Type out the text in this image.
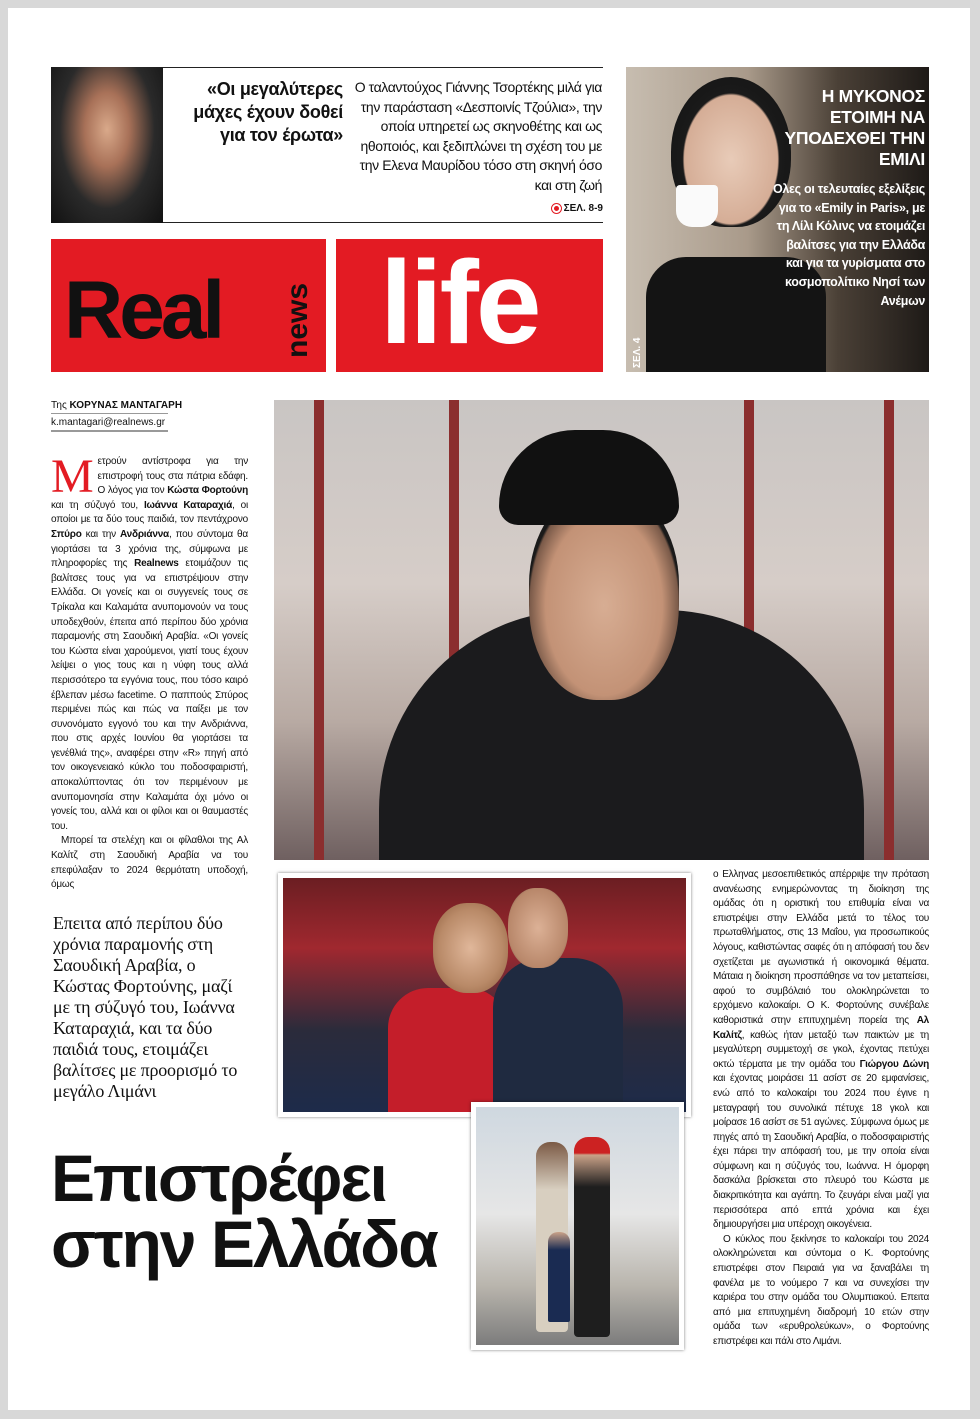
«Οι μεγαλύτερες μάχες έχουν δοθεί για τον έρωτα»
Ο ταλαντούχος Γιάννης Τσορτέκης μιλά για την παράσταση «Δεσποινίς Τζούλια», την οποία υπηρετεί ως σκηνοθέτης και ως ηθοποιός, και ξεδιπλώνει τη σχέση του με την Ελενα Μαυρίδου τόσο στη σκηνή όσο και στη ζωή
ΣΕΛ. 8-9
Real news life
Η ΜΥΚΟΝΟΣ ΕΤΟΙΜΗ ΝΑ ΥΠΟΔΕΧΘΕΙ ΤΗΝ ΕΜΙΛΙ
Ολες οι τελευταίες εξελίξεις για το «Emily in Paris», με τη Λίλι Κόλινς να ετοιμάζει βαλίτσες για την Ελλάδα και για τα γυρίσματα στο κοσμοπολίτικο Νησί των Ανέμων
ΣΕΛ. 4
Της ΚΟΡΥΝΑΣ ΜΑΝΤΑΓΑΡΗ
k.mantagari@realnews.gr

Μετρούν αντίστροφα για την επιστροφή τους στα πάτρια εδάφη. Ο λόγος για τον Κώστα Φορτούνη και τη σύζυγό του, Ιωάννα Καταραχιά, οι οποίοι με τα δύο τους παιδιά, τον πεντάχρονο Σπύρο και την Ανδριάννα, που σύντομα θα γιορτάσει τα 3 χρόνια της, σύμφωνα με πληροφορίες της Realnews ετοιμάζουν τις βαλίτσες τους για να επιστρέψουν στην Ελλάδα. Οι γονείς και οι συγγενείς τους σε Τρίκαλα και Καλαμάτα ανυπομονούν να τους υποδεχθούν, έπειτα από περίπου δύο χρόνια παραμονής στη Σαουδική Αραβία. «Οι γονείς του Κώστα είναι χαρούμενοι, γιατί τους έχουν λείψει ο γιος τους και η νύφη τους αλλά περισσότερο τα εγγόνια τους, που τόσο καιρό έβλεπαν μέσω facetime. Ο παππούς Σπύρος περιμένει πώς και πώς να παίξει με τον συνονόματο εγγονό του και την Ανδριάννα, που στις αρχές Ιουνίου θα γιορτάσει τα γενέθλιά της», αναφέρει στην «R» πηγή από τον οικογενειακό κύκλο του ποδοσφαιριστή, αποκαλύπτοντας ότι τον περιμένουν με ανυπομονησία στην Καλαμάτα όχι μόνο οι γονείς του, αλλά και οι φίλοι και οι θαυμαστές του.

Μπορεί τα στελέχη και οι φίλαθλοι της Αλ Καλίτζ στη Σαουδική Αραβία να του επεφύλαξαν το 2024 θερμότατη υποδοχή, όμως

Επειτα από περίπου δύο χρόνια παραμονής στη Σαουδική Αραβία, ο Κώστας Φορτούνης, μαζί με τη σύζυγό του, Ιωάννα Καταραχιά, και τα δύο παιδιά τους, ετοιμάζει βαλίτσες με προορισμό το μεγάλο Λιμάνι
Επιστρέφει
στην Ελλάδα

ο Ελληνας μεσοεπιθετικός απέρριψε την πρόταση ανανέωσης ενημερώνοντας τη διοίκηση της ομάδας ότι η οριστική του επιθυμία είναι να επιστρέψει στην Ελλάδα μετά το τέλος του πρωταθλήματος, στις 13 Μαΐου, για προσωπικούς λόγους, καθιστώντας σαφές ότι η απόφασή του δεν σχετίζεται με αγωνιστικά ή οικονομικά θέματα. Μάταια η διοίκηση προσπάθησε να τον μεταπείσει, αφού το συμβόλαιό του ολοκληρώνεται το ερχόμενο καλοκαίρι. Ο Κ. Φορτούνης συνέβαλε καθοριστικά στην επιτυχημένη πορεία της Αλ Καλίτζ, καθώς ήταν μεταξύ των παικτών με τη μεγαλύτερη συμμετοχή σε γκολ, έχοντας πετύχει οκτώ τέρματα με την ομάδα του Γιώργου Δώνη και έχοντας μοιράσει 11 ασίστ σε 20 εμφανίσεις, ενώ από το καλοκαίρι του 2024 που έγινε η μεταγραφή του συνολικά πέτυχε 18 γκολ και μοίρασε 16 ασίστ σε 51 αγώνες. Σύμφωνα όμως με πηγές από τη Σαουδική Αραβία, ο ποδοσφαιριστής έχει πάρει την απόφασή του, με την οποία είναι σύμφωνη και η σύζυγός του, Ιωάννα. Η όμορφη δασκάλα βρίσκεται στο πλευρό του Κώστα με διακριτικότητα και αγάπη. Το ζευγάρι είναι μαζί για περισσότερα από επτά χρόνια και έχει δημιουργήσει μια υπέροχη οικογένεια.

Ο κύκλος που ξεκίνησε το καλοκαίρι του 2024 ολοκληρώνεται και σύντομα ο Κ. Φορτούνης επιστρέφει στον Πειραιά για να ξαναβάλει τη φανέλα με το νούμερο 7 και να συνεχίσει την καριέρα του στην ομάδα του Ολυμπιακού. Επειτα από μια επιτυχημένη διαδρομή 10 ετών στην ομάδα των «ερυθρολεύκων», ο Φορτούνης επιστρέφει και πάλι στο Λιμάνι.
